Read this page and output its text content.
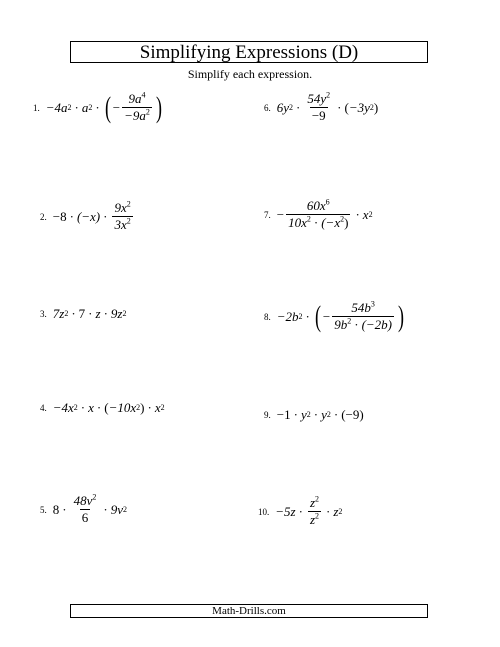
Simplifying Expressions (D)
Simplify each expression.
1. −4a 2 · a 2 · ( − $\frac{9a^4}{-9a^2}$ )	6. 6y $2 \cdot \frac{54y^2}{-9}$ · ( −3y 2 )
2. $-8 \cdot (-x) \cdot \frac{9x^2}{3x^2}$	7. − $\frac{60x^6}{10x^2 \cdot (-x^2)} \cdot x$ 2
3. 7z 2 · 7 · z · 9z 2	8. −2b 2 · ( − $\frac{54b^3}{9b^2 \cdot (-2b)}$ )
4. −4x 2 · x · ( −10x 2 ) · x 2
9. −1 · y 2 · y 2 · (−9)
5. $8 \cdot \frac{48v^2}{6} \cdot 9v$ 2	10. $-5z \cdot \frac{z^2}{z^2} \cdot z$ 2
Math-Drills.com
